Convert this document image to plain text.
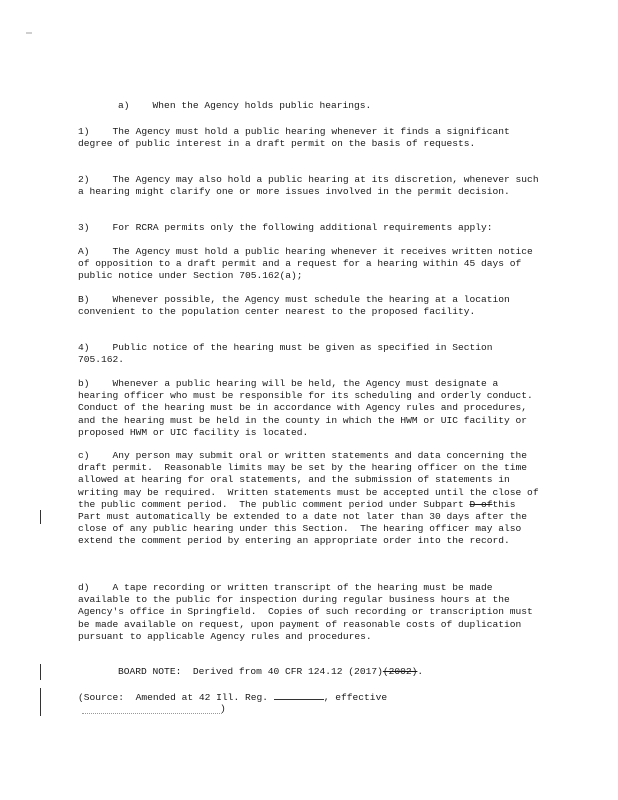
a)    When the Agency holds public hearings.

1)    The Agency must hold a public hearing whenever it finds a significant degree of public interest in a draft permit on the basis of requests.

2)    The Agency may also hold a public hearing at its discretion, whenever such a hearing might clarify one or more issues involved in the permit decision.

3)    For RCRA permits only the following additional requirements apply:

A)    The Agency must hold a public hearing whenever it receives written notice of opposition to a draft permit and a request for a hearing within 45 days of public notice under Section 705.162(a);

B)    Whenever possible, the Agency must schedule the hearing at a location convenient to the population center nearest to the proposed facility.

4)    Public notice of the hearing must be given as specified in Section 705.162.

b)    Whenever a public hearing will be held, the Agency must designate a hearing officer who must be responsible for its scheduling and orderly conduct.  Conduct of the hearing must be in accordance with Agency rules and procedures, and the hearing must be held in the county in which the HWM or UIC facility or proposed HWM or UIC facility is located.

c)    Any person may submit oral or written statements and data concerning the draft permit.  Reasonable limits may be set by the hearing officer on the time allowed at hearing for oral statements, and the submission of statements in writing may be required.  Written statements must be accepted until the close of the public comment period.  The public comment period under Subpart D ofthis Part must automatically be extended to a date not later than 30 days after the close of any public hearing under this Section.  The hearing officer may also extend the comment period by entering an appropriate order into the record.

d)    A tape recording or written transcript of the hearing must be made available to the public for inspection during regular business hours at the Agency's office in Springfield.  Copies of such recording or transcription must be made available on request, upon payment of reasonable costs of duplication pursuant to applicable Agency rules and procedures.

BOARD NOTE:  Derived from 40 CFR 124.12 (2017)(2002).

(Source:  Amended at 42 Ill. Reg.	, effective

)
